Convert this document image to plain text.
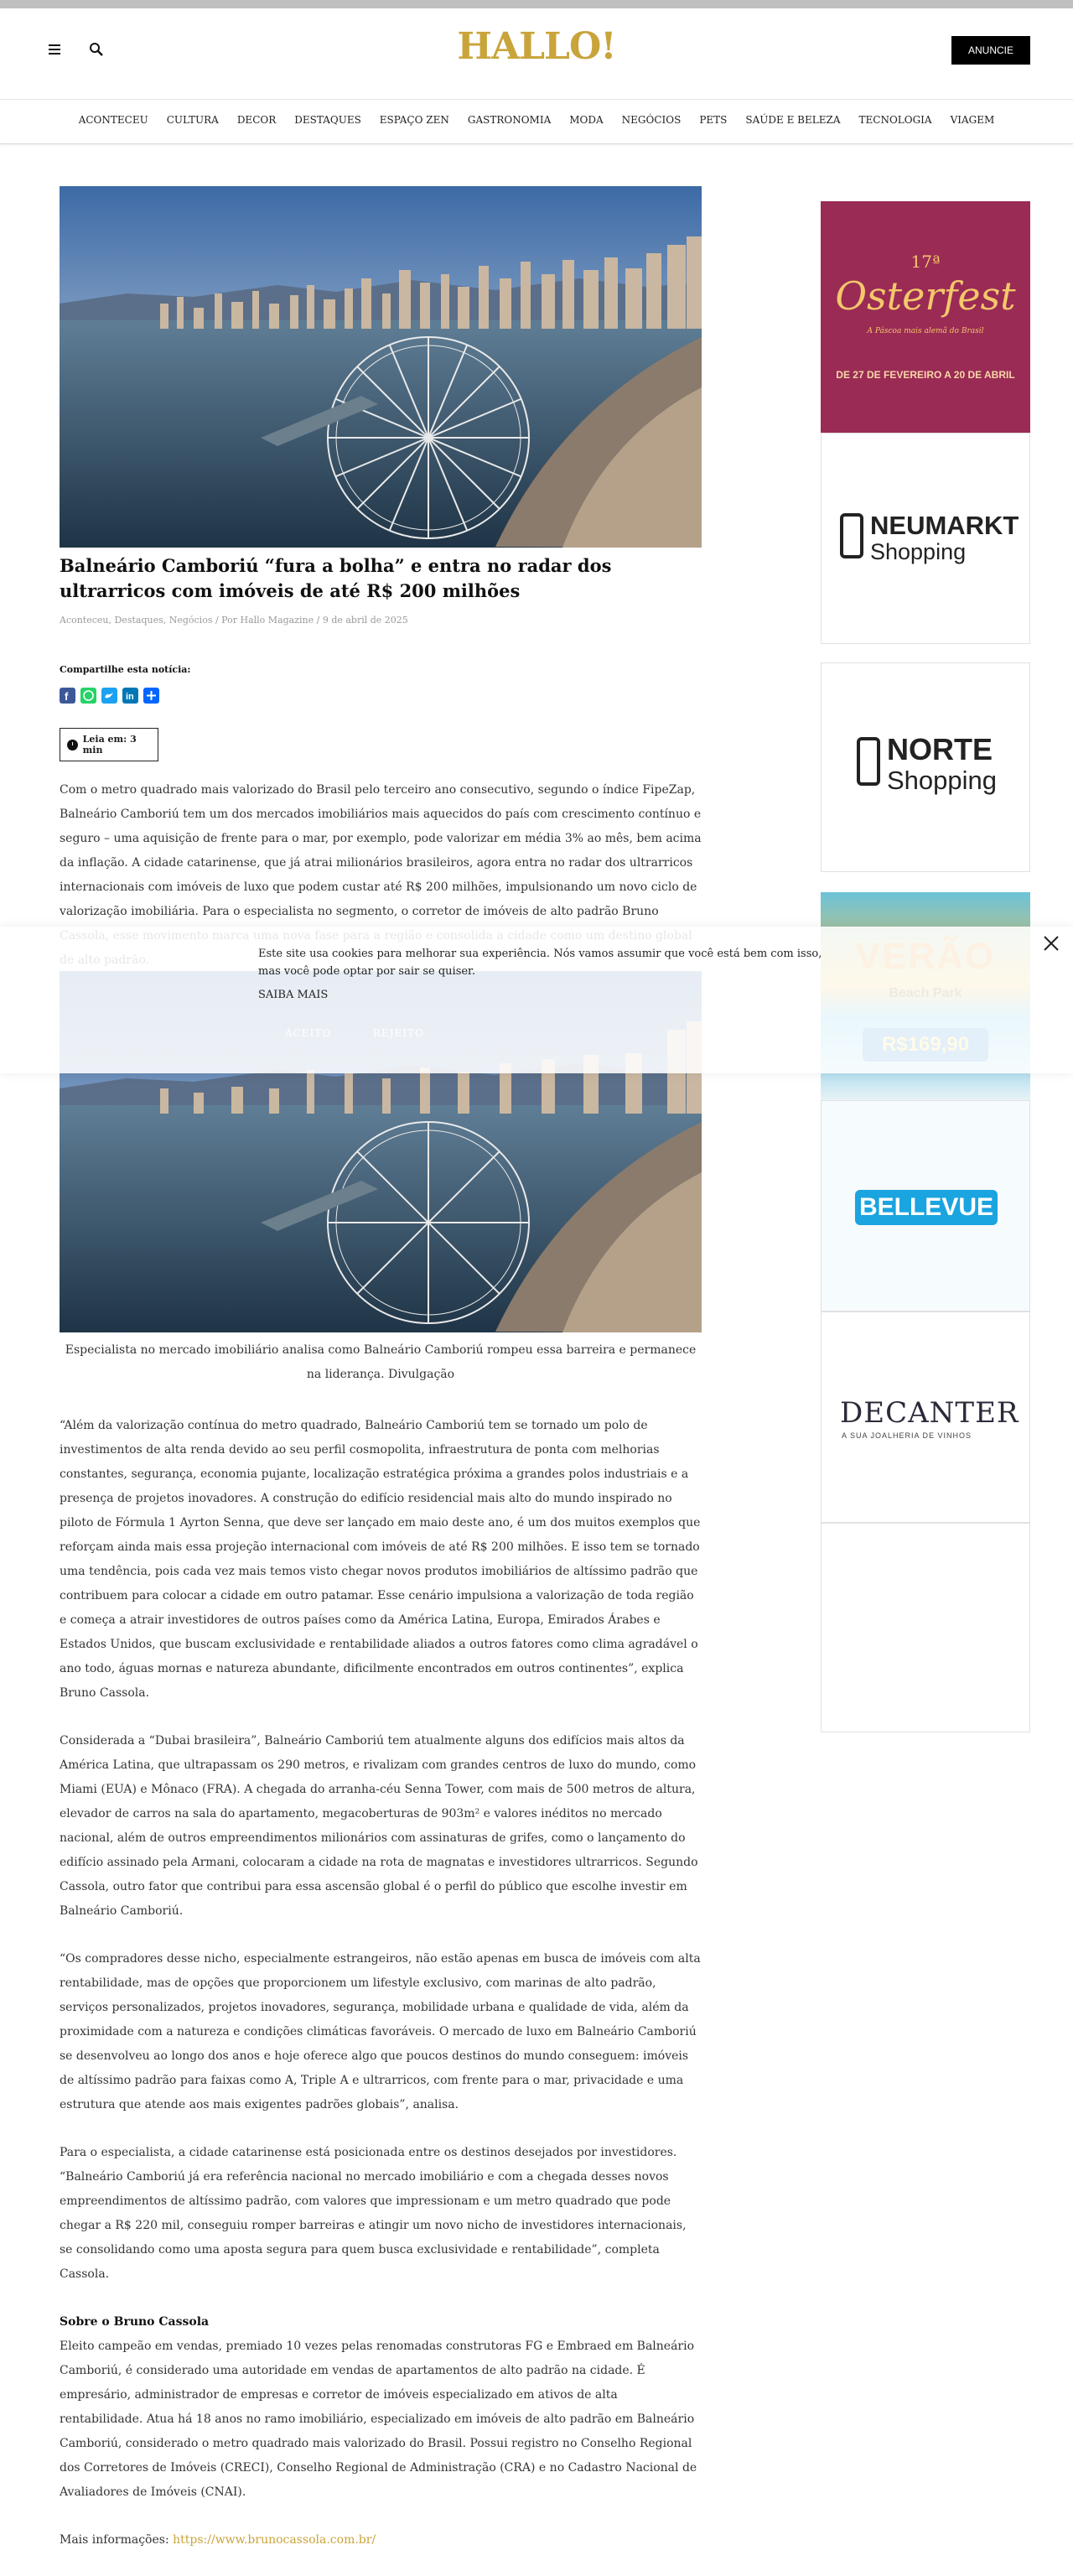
HALLO!	ANUNCIE
ACONTECEU CULTURA DECOR DESTAQUES ESPAÇO ZEN GASTRONOMIA MODA NEGÓCIOS PETS SAÚDE E BELEZA TECNOLOGIA VIAGEM
Balneário Camboriú “fura a bolha” e entra no radar dos ultrarricos com imóveis de até R$ 200 milhões
Aconteceu, Destaques, Negócios / Por Hallo Magazine / 9 de abril de 2025
Compartilhe esta notícia:
f	in
Leia em: 3 min
Com o metro quadrado mais valorizado do Brasil pelo terceiro ano consecutivo, segundo o índice FipeZap, Balneário Camboriú tem um dos mercados imobiliários mais aquecidos do país com crescimento contínuo e seguro – uma aquisição de frente para o mar, por exemplo, pode valorizar em média 3% ao mês, bem acima da inflação. A cidade catarinense, que já atrai milionários brasileiros, agora entra no radar dos ultrarricos internacionais com imóveis de luxo que podem custar até R$ 200 milhões, impulsionando um novo ciclo de valorização imobiliária. Para o especialista no segmento, o corretor de imóveis de alto padrão Bruno
Especialista no mercado imobiliário analisa como Balneário Camboriú rompeu essa barreira e permanece na liderança. Divulgação

“Além da valorização contínua do metro quadrado, Balneário Camboriú tem se tornado um polo de investimentos de alta renda devido ao seu perfil cosmopolita, infraestrutura de ponta com melhorias constantes, segurança, economia pujante, localização estratégica próxima a grandes polos industriais e a presença de projetos inovadores. A construção do edifício residencial mais alto do mundo inspirado no piloto de Fórmula 1 Ayrton Senna, que deve ser lançado em maio deste ano, é um dos muitos exemplos que reforçam ainda mais essa projeção internacional com imóveis de até R$ 200 milhões. E isso tem se tornado uma tendência, pois cada vez mais temos visto chegar novos produtos imobiliários de altíssimo padrão que contribuem para colocar a cidade em outro patamar. Esse cenário impulsiona a valorização de toda região e começa a atrair investidores de outros países como da América Latina, Europa, Emirados Árabes e Estados Unidos, que buscam exclusividade e rentabilidade aliados a outros fatores como clima agradável o ano todo, águas mornas e natureza abundante, dificilmente encontrados em outros continentes”, explica Bruno Cassola.

Considerada a “Dubai brasileira”, Balneário Camboriú tem atualmente alguns dos edifícios mais altos da América Latina, que ultrapassam os 290 metros, e rivalizam com grandes centros de luxo do mundo, como Miami (EUA) e Mônaco (FRA). A chegada do arranha-céu Senna Tower, com mais de 500 metros de altura, elevador de carros na sala do apartamento, megacoberturas de 903m² e valores inéditos no mercado nacional, além de outros empreendimentos milionários com assinaturas de grifes, como o lançamento do edifício assinado pela Armani, colocaram a cidade na rota de magnatas e investidores ultrarricos. Segundo Cassola, outro fator que contribui para essa ascensão global é o perfil do público que escolhe investir em Balneário Camboriú.

“Os compradores desse nicho, especialmente estrangeiros, não estão apenas em busca de imóveis com alta rentabilidade, mas de opções que proporcionem um lifestyle exclusivo, com marinas de alto padrão, serviços personalizados, projetos inovadores, segurança, mobilidade urbana e qualidade de vida, além da proximidade com a natureza e condições climáticas favoráveis. O mercado de luxo em Balneário Camboriú se desenvolveu ao longo dos anos e hoje oferece algo que poucos destinos do mundo conseguem: imóveis de altíssimo padrão para faixas como A, Triple A e ultrarricos, com frente para o mar, privacidade e uma estrutura que atende aos mais exigentes padrões globais”, analisa.

Para o especialista, a cidade catarinense está posicionada entre os destinos desejados por investidores. “Balneário Camboriú já era referência nacional no mercado imobiliário e com a chegada desses novos empreendimentos de altíssimo padrão, com valores que impressionam e um metro quadrado que pode chegar a R$ 220 mil, conseguiu romper barreiras e atingir um novo nicho de investidores internacionais, se consolidando como uma aposta segura para quem busca exclusividade e rentabilidade”, completa Cassola.

Sobre o Bruno Cassola

Eleito campeão em vendas, premiado 10 vezes pelas renomadas construtoras FG e Embraed em Balneário Camboriú, é considerado uma autoridade em vendas de apartamentos de alto padrão na cidade. É empresário, administrador de empresas e corretor de imóveis especializado em ativos de alta rentabilidade. Atua há 18 anos no ramo imobiliário, especializado em imóveis de alto padrão em Balneário Camboriú, considerado o metro quadrado mais valorizado do Brasil. Possui registro no Conselho Regional dos Corretores de Imóveis (CRECI), Conselho Regional de Administração (CRA) e no Cadastro Nacional de Avaliadores de Imóveis (CNAI).

Mais informações: https://www.brunocassola.com.br/

17ª
Osterfest
A Páscoa mais alemã do Brasil
DE 27 DE FEVEREIRO A 20 DE ABRIL
NEUMARKT
Shopping
NORTE
Shopping
BELLEVUE
DECANTER
A SUA JOALHERIA DE VINHOS
Este site usa cookies para melhorar sua experiência. Nós vamos assumir que você está bem com isso, mas você pode optar por sair se quiser.
SAIBA MAIS
ACEITO	REJEITO
